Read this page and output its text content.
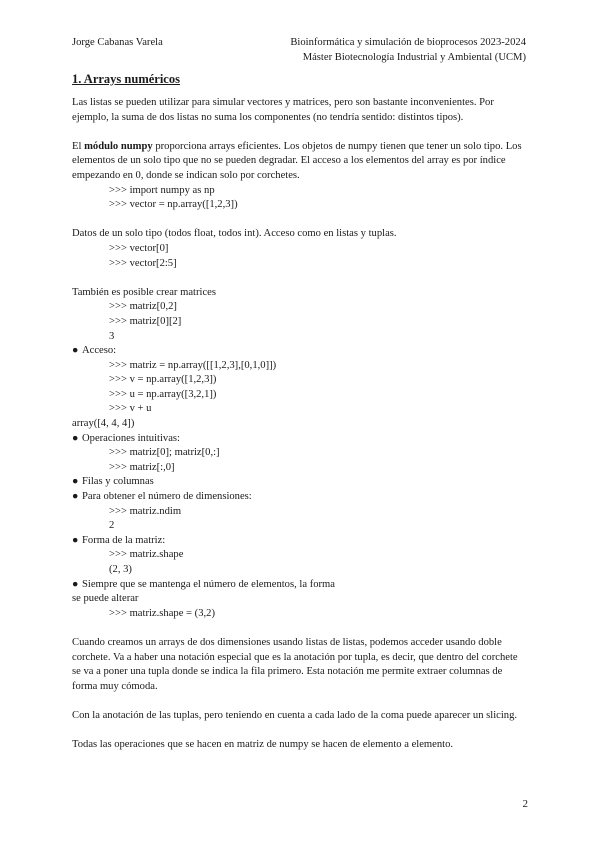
Jorge Cabanas Varela	Bioinformática y simulación de bioprocesos 2023-2024
Máster Biotecnología Industrial y Ambiental (UCM)
1. Arrays numéricos

Las listas se pueden utilizar para simular vectores y matrices, pero son bastante inconvenientes. Por ejemplo, la suma de dos listas no suma los componentes (no tendría sentido: distintos tipos).

El módulo numpy proporciona arrays eficientes. Los objetos de numpy tienen que tener un solo tipo. Los elementos de un solo tipo que no se pueden degradar. El acceso a los elementos del array es por índice empezando en 0, donde se indican solo por corchetes.

>>> import numpy as np
>>> vector = np.array([1,2,3])

Datos de un solo tipo (todos float, todos int). Acceso como en listas y tuplas.

>>> vector[0]
>>> vector[2:5]

También es posible crear matrices

>>> matriz[0,2]
>>> matriz[0][2]
3
● Acceso:
>>> matriz = np.array([[1,2,3],[0,1,0]])
>>> v = np.array([1,2,3])
>>> u = np.array([3,2,1])
>>> v + u
array([4, 4, 4])
● Operaciones intuitivas:
>>> matriz[0]; matriz[0,:]
>>> matriz[:,0]
● Filas y columnas
● Para obtener el número de dimensiones:
>>> matriz.ndim
2
● Forma de la matriz:
>>> matriz.shape
(2, 3)
● Siempre que se mantenga el número de elementos, la forma
se puede alterar
>>> matriz.shape = (3,2)

Cuando creamos un arrays de dos dimensiones usando listas de listas, podemos acceder usando doble corchete. Va a haber una notación especial que es la anotación por tupla, es decir, que dentro del corchete se va a poner una tupla donde se indica la fila primero. Esta notación me permite extraer columnas de forma muy cómoda.

Con la anotación de las tuplas, pero teniendo en cuenta a cada lado de la coma puede aparecer un slicing.

Todas las operaciones que se hacen en matriz de numpy se hacen de elemento a elemento.

2
